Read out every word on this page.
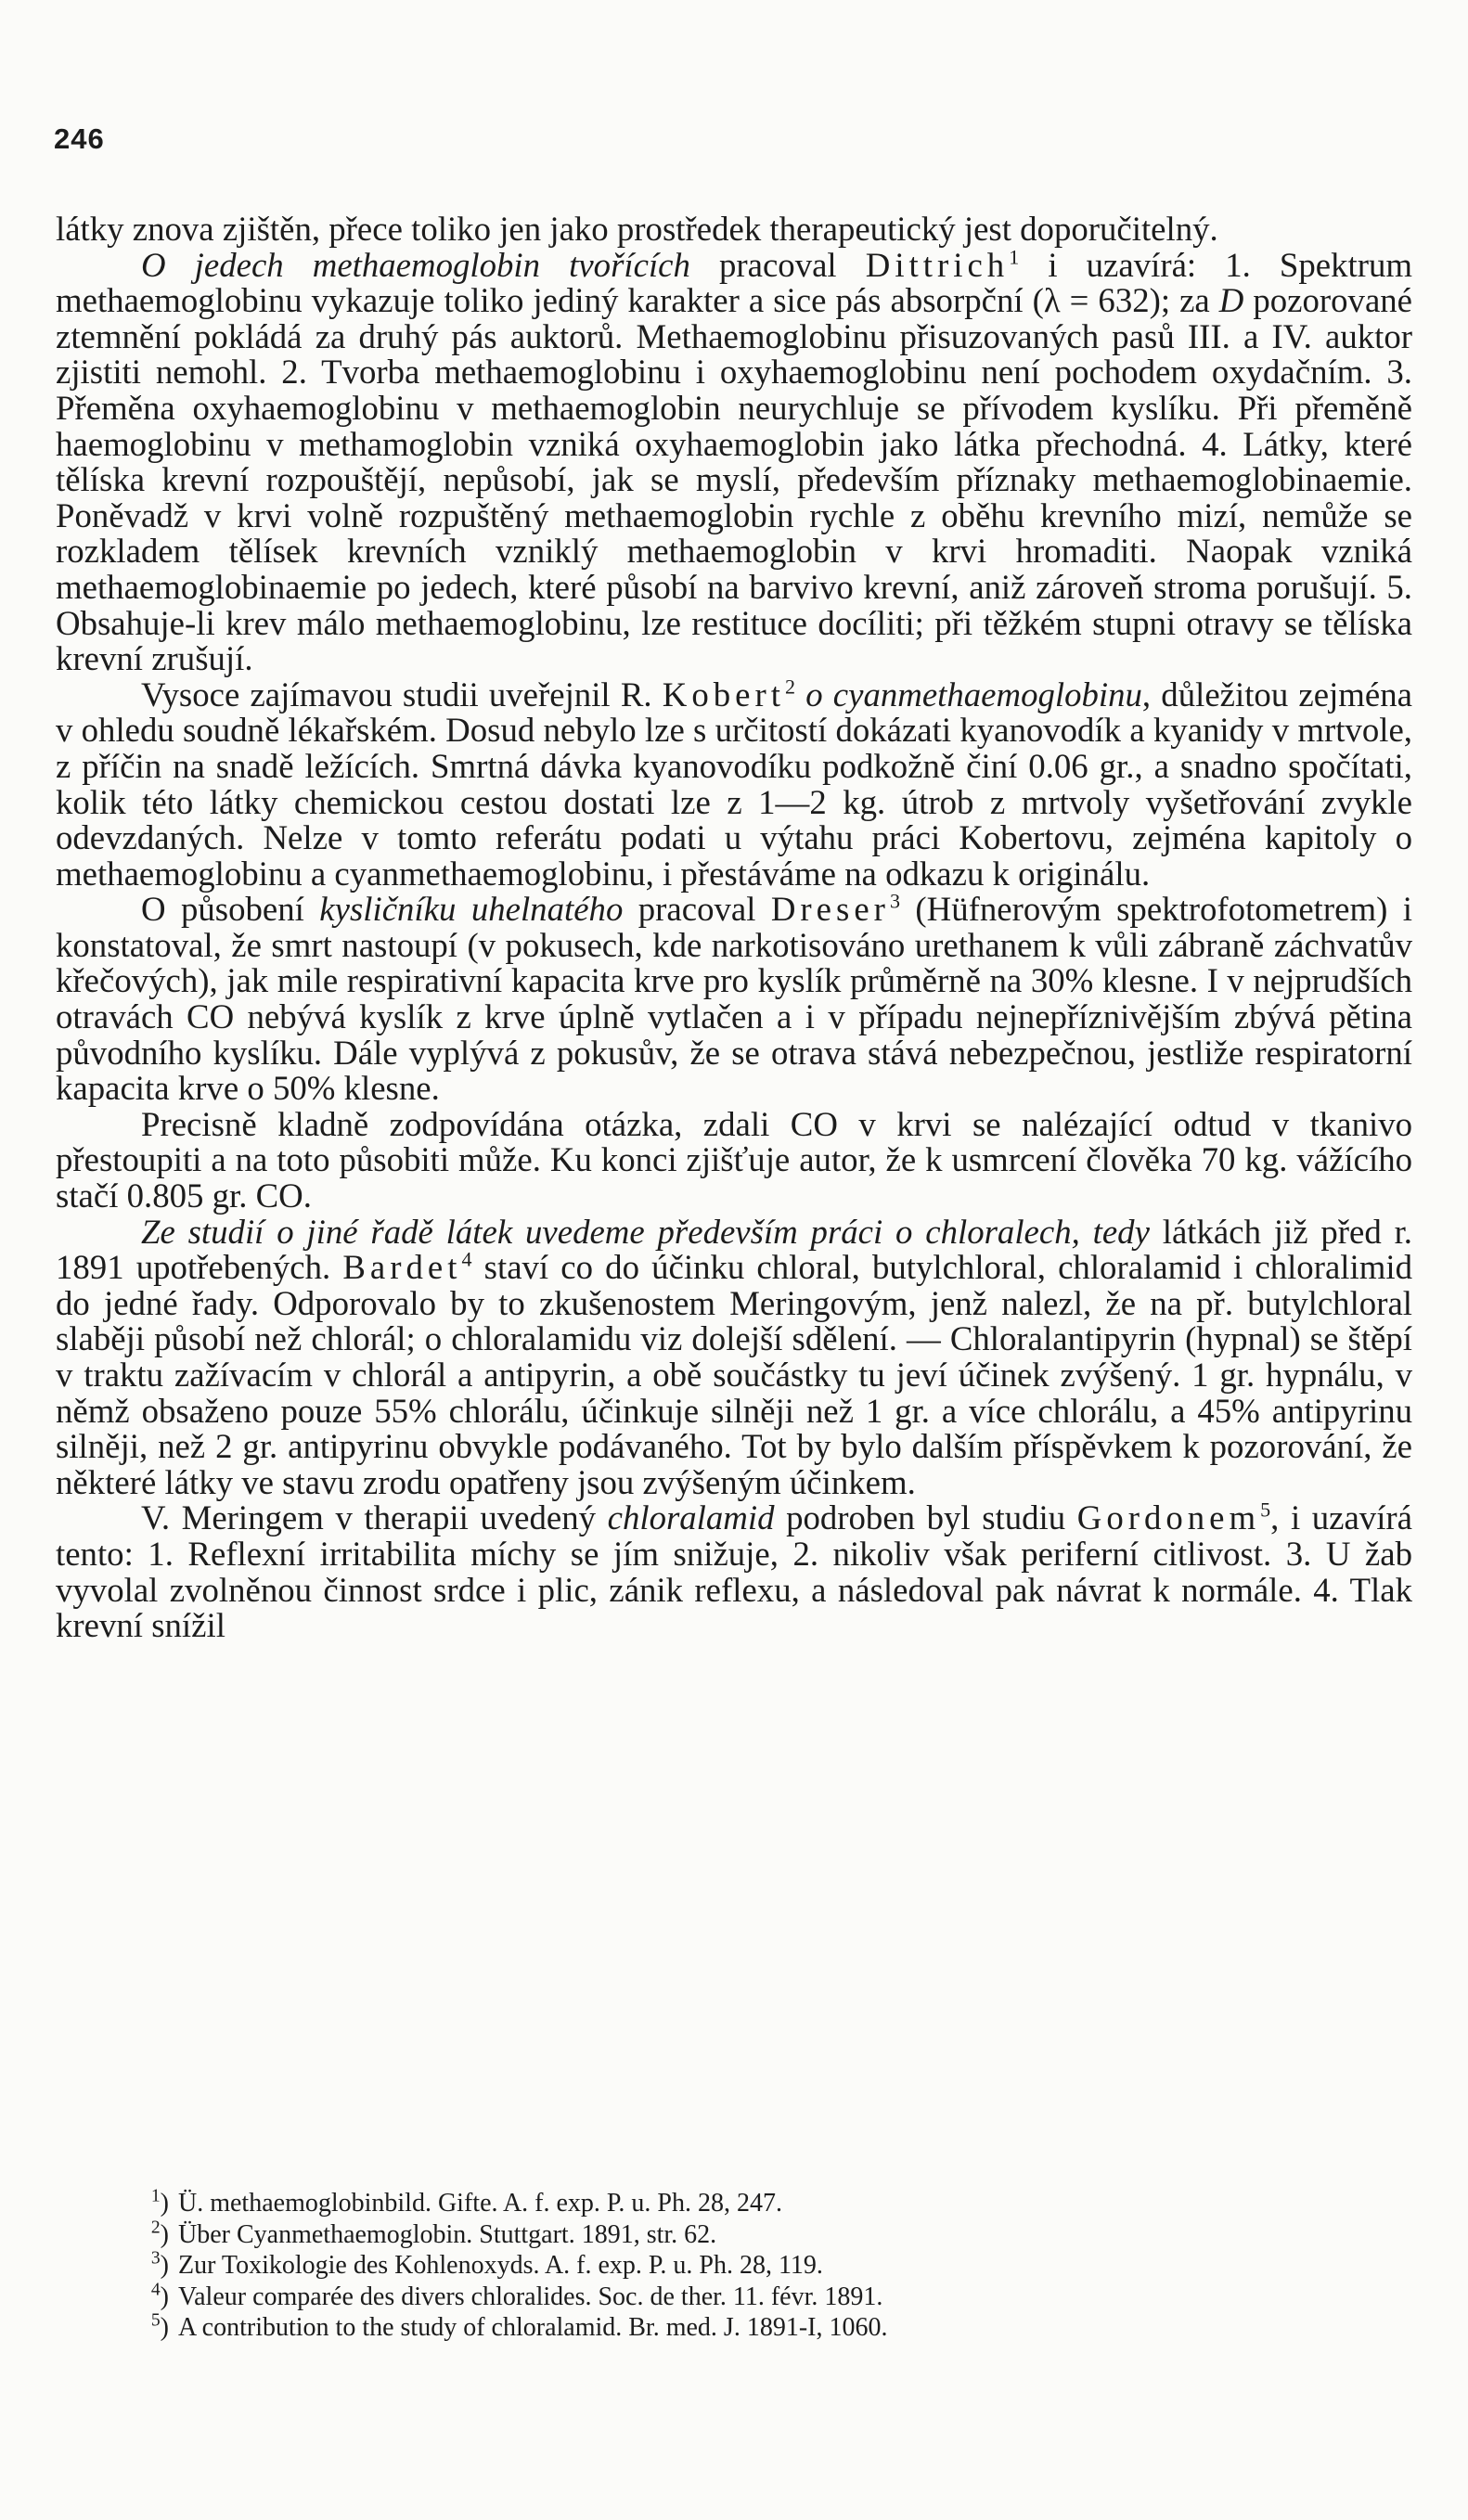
246

látky znova zjištěn, přece toliko jen jako prostředek therapeutický jest doporučitelný.

O jedech methaemoglobin tvořících pracoval Dittrich$^1$ i uzavírá: 1. Spektrum methaemoglobinu vykazuje toliko jediný karakter a sice pás absorpční (λ = 632); za D pozorované ztemnění pokládá za druhý pás auktorů. Methaemoglobinu přisuzovaných pasů III. a IV. auktor zjistiti nemohl. 2. Tvorba methaemoglobinu i oxyhaemoglobinu není pochodem oxydačním. 3. Přeměna oxyhaemoglobinu v methaemoglobin neurychluje se přívodem kyslíku. Při přeměně haemoglobinu v methamoglobin vzniká oxyhaemoglobin jako látka přechodná. 4. Látky, které tělíska krevní rozpouštějí, nepůsobí, jak se myslí, především příznaky methaemoglobinaemie. Poněvadž v krvi volně rozpuštěný methaemoglobin rychle z oběhu krevního mizí, nemůže se rozkladem tělísek krevních vzniklý methaemoglobin v krvi hromaditi. Naopak vzniká methaemoglobinaemie po jedech, které působí na barvivo krevní, aniž zároveň stroma porušují. 5. Obsahuje-li krev málo methaemoglobinu, lze restituce docíliti; při těžkém stupni otravy se tělíska krevní zrušují.

Vysoce zajímavou studii uveřejnil R. Kobert$^2$ o cyanmethaemoglobinu, důležitou zejména v ohledu soudně lékařském. Dosud nebylo lze s určitostí dokázati kyanovodík a kyanidy v mrtvole, z příčin na snadě ležících. Smrtná dávka kyanovodíku podkožně činí 0.06 gr., a snadno spočítati, kolik této látky chemickou cestou dostati lze z 1—2 kg. útrob z mrtvoly vyšetřování zvykle odevzdaných. Nelze v tomto referátu podati u výtahu práci Kobertovu, zejména kapitoly o methaemoglobinu a cyanmethaemoglobinu, i přestáváme na odkazu k originálu.

O působení kysličníku uhelnatého pracoval Dreser$^3$ (Hüfnerovým spektrofotometrem) i konstatoval, že smrt nastoupí (v pokusech, kde narkotisováno urethanem k vůli zábraně záchvatův křečových), jak mile respirativní kapacita krve pro kyslík průměrně na 30% klesne. I v nejprudších otravách CO nebývá kyslík z krve úplně vytlačen a i v případu nejnepříznivějším zbývá pětina původního kyslíku. Dále vyplývá z pokusův, že se otrava stává nebezpečnou, jestliže respiratorní kapacita krve o 50% klesne.

Precisně kladně zodpovídána otázka, zdali CO v krvi se nalézající odtud v tkanivo přestoupiti a na toto působiti může. Ku konci zjišťuje autor, že k usmrcení člověka 70 kg. vážícího stačí 0.805 gr. CO.

Ze studií o jiné řadě látek uvedeme především práci o chloralech, tedy látkách již před r. 1891 upotřebených. Bardet$^4$ staví co do účinku chloral, butylchloral, chloralamid i chloralimid do jedné řady. Odporovalo by to zkušenostem Meringovým, jenž nalezl, že na př. butylchloral slaběji působí než chlorál; o chloralamidu viz dolejší sdělení. — Chloralantipyrin (hypnal) se štěpí v traktu zažívacím v chlorál a antipyrin, a obě součástky tu jeví účinek zvýšený. 1 gr. hypnálu, v němž obsaženo pouze 55% chlorálu, účinkuje silněji než 1 gr. a více chlorálu, a 45% antipyrinu silněji, než 2 gr. antipyrinu obvykle podávaného. Tot by bylo dalším příspěvkem k pozorování, že některé látky ve stavu zrodu opatřeny jsou zvýšeným účinkem.

V. Meringem v therapii uvedený chloralamid podroben byl studiu Gordonem$^5$, i uzavírá tento: 1. Reflexní irritabilita míchy se jím snižuje, 2. nikoliv však periferní citlivost. 3. U žab vyvolal zvolněnou činnost srdce i plic, zánik reflexu, a následoval pak návrat k normále. 4. Tlak krevní snížil

$^1$) Ü. methaemoglobinbild. Gifte. A. f. exp. P. u. Ph. 28, 247.
$^2$) Über Cyanmethaemoglobin. Stuttgart. 1891, str. 62.
$^3$) Zur Toxikologie des Kohlenoxyds. A. f. exp. P. u. Ph. 28, 119.
$^4$) Valeur comparée des divers chloralides. Soc. de ther. 11. févr. 1891.
$^5$) A contribution to the study of chloralamid. Br. med. J. 1891-I, 1060.
